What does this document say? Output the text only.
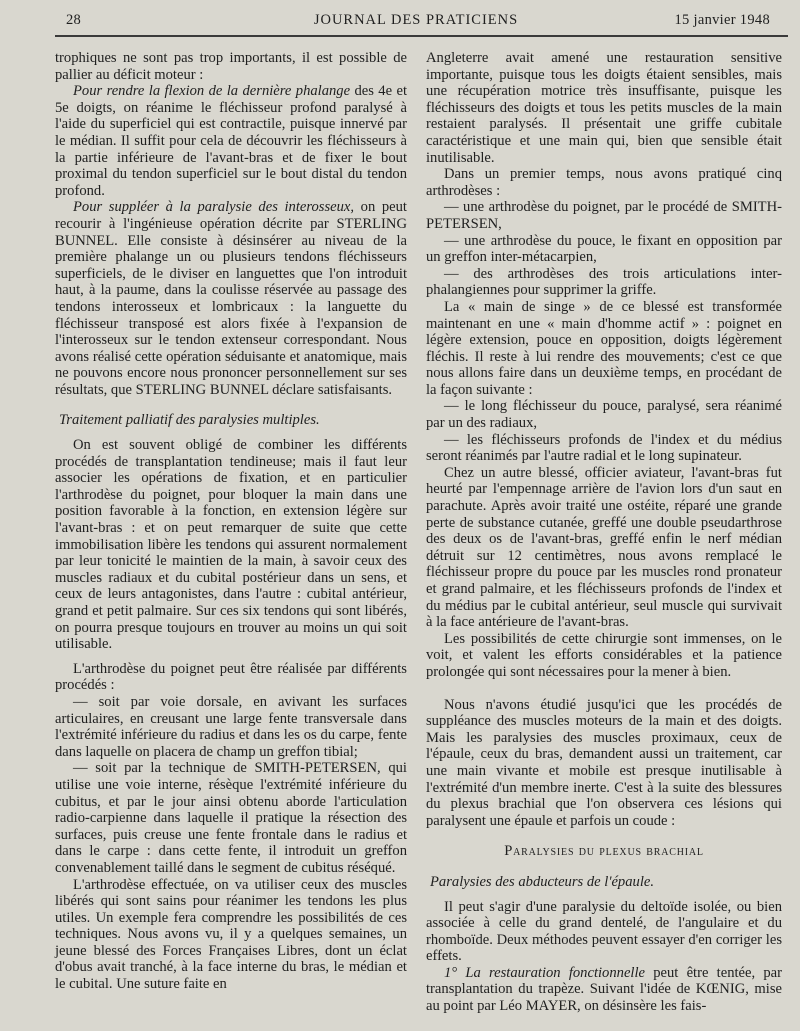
28	JOURNAL DES PRATICIENS	15 janvier 1948

trophiques ne sont pas trop importants, il est possible de pallier au déficit moteur :

Pour rendre la flexion de la dernière phalange des 4e et 5e doigts, on réanime le fléchisseur profond paralysé à l'aide du superficiel qui est contractile, puisque innervé par le médian. Il suffit pour cela de découvrir les fléchisseurs à la partie inférieure de l'avant-bras et de fixer le bout proximal du tendon superficiel sur le bout distal du tendon profond.

Pour suppléer à la paralysie des interosseux, on peut recourir à l'ingénieuse opération décrite par STERLING BUNNEL. Elle consiste à désinsérer au niveau de la première phalange un ou plusieurs tendons fléchisseurs superficiels, de le diviser en languettes que l'on introduit haut, à la paume, dans la coulisse réservée au passage des tendons interosseux et lombricaux : la languette du fléchisseur transposé est alors fixée à l'expansion de l'interosseux sur le tendon extenseur correspondant. Nous avons réalisé cette opération séduisante et anatomique, mais ne pouvons encore nous prononcer personnellement sur ses résultats, que STERLING BUNNEL déclare satisfaisants.

Traitement palliatif des paralysies multiples.

On est souvent obligé de combiner les différents procédés de transplantation tendineuse; mais il faut leur associer les opérations de fixation, et en particulier l'arthrodèse du poignet, pour bloquer la main dans une position favorable à la fonction, en extension légère sur l'avant-bras : et on peut remarquer de suite que cette immobilisation libère les tendons qui assurent normalement par leur tonicité le maintien de la main, à savoir ceux des muscles radiaux et du cubital postérieur dans un sens, et ceux de leurs antagonistes, dans l'autre : cubital antérieur, grand et petit palmaire. Sur ces six tendons qui sont libérés, on pourra presque toujours en trouver au moins un qui soit utilisable.

L'arthrodèse du poignet peut être réalisée par différents procédés :

— soit par voie dorsale, en avivant les surfaces articulaires, en creusant une large fente transversale dans l'extrémité inférieure du radius et dans les os du carpe, fente dans laquelle on placera de champ un greffon tibial;

— soit par la technique de SMITH-PETERSEN, qui utilise une voie interne, résèque l'extrémité inférieure du cubitus, et par le jour ainsi obtenu aborde l'articulation radio-carpienne dans laquelle il pratique la résection des surfaces, puis creuse une fente frontale dans le radius et dans le carpe : dans cette fente, il introduit un greffon convenablement taillé dans le segment de cubitus réséqué.

L'arthrodèse effectuée, on va utiliser ceux des muscles libérés qui sont sains pour réanimer les tendons les plus utiles. Un exemple fera comprendre les possibilités de ces techniques. Nous avons vu, il y a quelques semaines, un jeune blessé des Forces Françaises Libres, dont un éclat d'obus avait tranché, à la face interne du bras, le médian et le cubital. Une suture faite en

Angleterre avait amené une restauration sensitive importante, puisque tous les doigts étaient sensibles, mais une récupération motrice très insuffisante, puisque les fléchisseurs des doigts et tous les petits muscles de la main restaient paralysés. Il présentait une griffe cubitale caractéristique et une main qui, bien que sensible était inutilisable.

Dans un premier temps, nous avons pratiqué cinq arthrodèses :

— une arthrodèse du poignet, par le procédé de SMITH-PETERSEN,

— une arthrodèse du pouce, le fixant en opposition par un greffon inter-métacarpien,

— des arthrodèses des trois articulations inter-phalangiennes pour supprimer la griffe.

La « main de singe » de ce blessé est transformée maintenant en une « main d'homme actif » : poignet en légère extension, pouce en opposition, doigts légèrement fléchis. Il reste à lui rendre des mouvements; c'est ce que nous allons faire dans un deuxième temps, en procédant de la façon suivante :

— le long fléchisseur du pouce, paralysé, sera réanimé par un des radiaux,

— les fléchisseurs profonds de l'index et du médius seront réanimés par l'autre radial et le long supinateur.

Chez un autre blessé, officier aviateur, l'avant-bras fut heurté par l'empennage arrière de l'avion lors d'un saut en parachute. Après avoir traité une ostéite, réparé une grande perte de substance cutanée, greffé une double pseudarthrose des deux os de l'avant-bras, greffé enfin le nerf médian détruit sur 12 centimètres, nous avons remplacé le fléchisseur propre du pouce par les muscles rond pronateur et grand palmaire, et les fléchisseurs profonds de l'index et du médius par le cubital antérieur, seul muscle qui survivait à la face antérieure de l'avant-bras.

Les possibilités de cette chirurgie sont immenses, on le voit, et valent les efforts considérables et la patience prolongée qui sont nécessaires pour la mener à bien.

Nous n'avons étudié jusqu'ici que les procédés de suppléance des muscles moteurs de la main et des doigts. Mais les paralysies des muscles proximaux, ceux de l'épaule, ceux du bras, demandent aussi un traitement, car une main vivante et mobile est presque inutilisable à l'extrémité d'un membre inerte. C'est à la suite des blessures du plexus brachial que l'on observera ces lésions qui paralysent une épaule et parfois un coude :

Paralysies du plexus brachial

Paralysies des abducteurs de l'épaule.

Il peut s'agir d'une paralysie du deltoïde isolée, ou bien associée à celle du grand dentelé, de l'angulaire et du rhomboïde. Deux méthodes peuvent essayer d'en corriger les effets.

1° La restauration fonctionnelle peut être tentée, par transplantation du trapèze. Suivant l'idée de KŒNIG, mise au point par Léo MAYER, on désinsère les fais-
